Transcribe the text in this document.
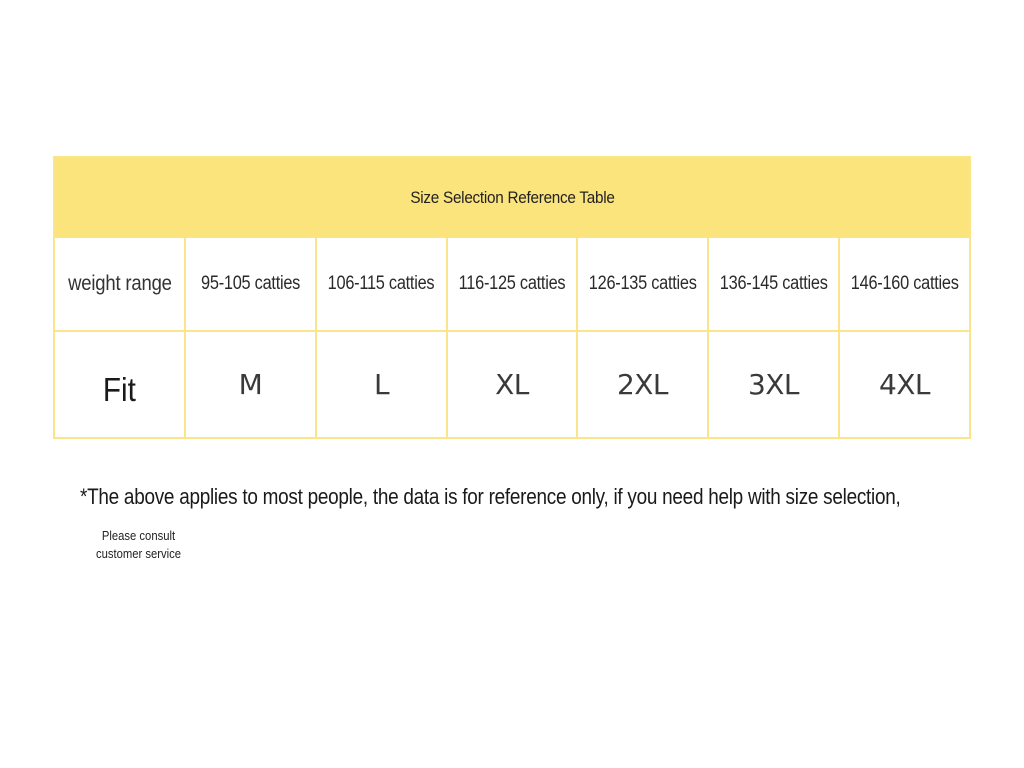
Size Selection Reference Table
weight range 95-105 catties 106-115 catties 116-125 catties 126-135 catties 136-145 catties 146-160 catties
Fit	M	L	XL	2XL	3XL	4XL
*The above applies to most people, the data is for reference only, if you need help with size selection,
Please consult customer service
